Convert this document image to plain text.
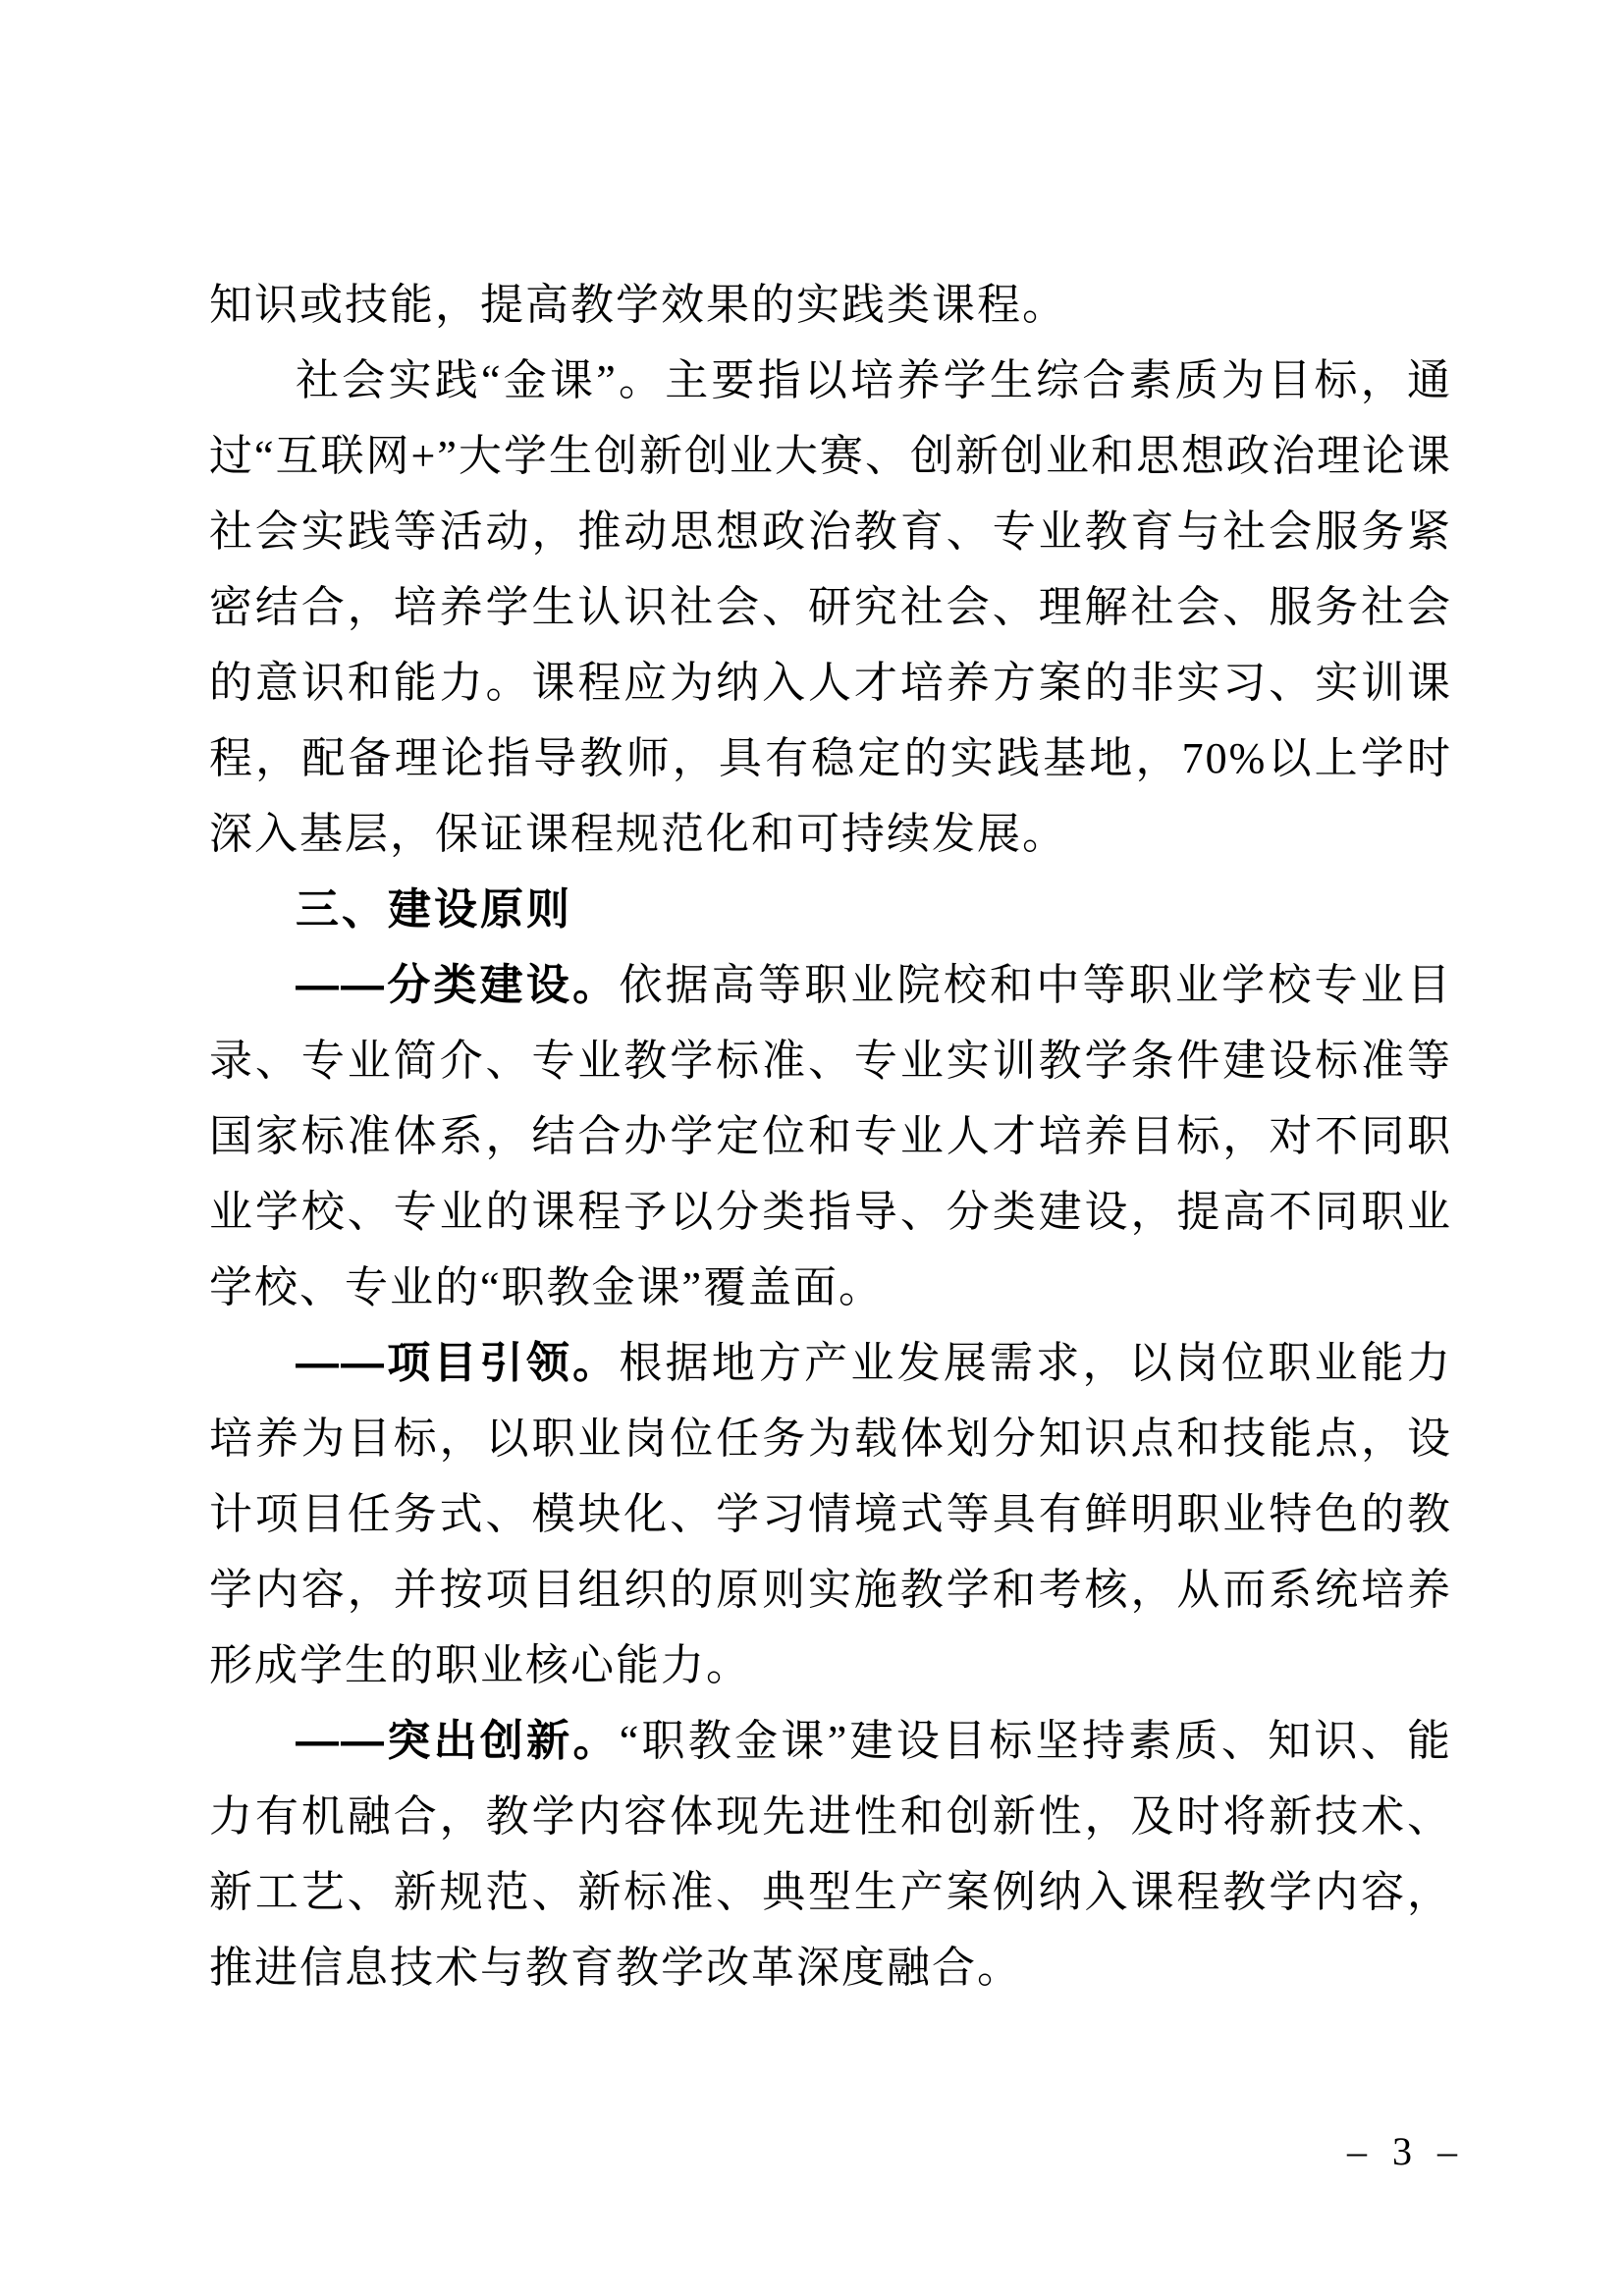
知识或技能，提高教学效果的实践类课程。

社会实践“金课”。主要指以培养学生综合素质为目标，通过“互联网+”大学生创新创业大赛、创新创业和思想政治理论课社会实践等活动，推动思想政治教育、专业教育与社会服务紧密结合，培养学生认识社会、研究社会、理解社会、服务社会的意识和能力。课程应为纳入人才培养方案的非实习、实训课程，配备理论指导教师，具有稳定的实践基地，70%以上学时深入基层，保证课程规范化和可持续发展。

三、建设原则

——分类建设。依据高等职业院校和中等职业学校专业目录、专业简介、专业教学标准、专业实训教学条件建设标准等国家标准体系，结合办学定位和专业人才培养目标，对不同职业学校、专业的课程予以分类指导、分类建设，提高不同职业学校、专业的“职教金课”覆盖面。

——项目引领。根据地方产业发展需求，以岗位职业能力培养为目标，以职业岗位任务为载体划分知识点和技能点，设计项目任务式、模块化、学习情境式等具有鲜明职业特色的教学内容，并按项目组织的原则实施教学和考核，从而系统培养形成学生的职业核心能力。

——突出创新。“职教金课”建设目标坚持素质、知识、能力有机融合，教学内容体现先进性和创新性，及时将新技术、新工艺、新规范、新标准、典型生产案例纳入课程教学内容，推进信息技术与教育教学改革深度融合。

– 3 –
